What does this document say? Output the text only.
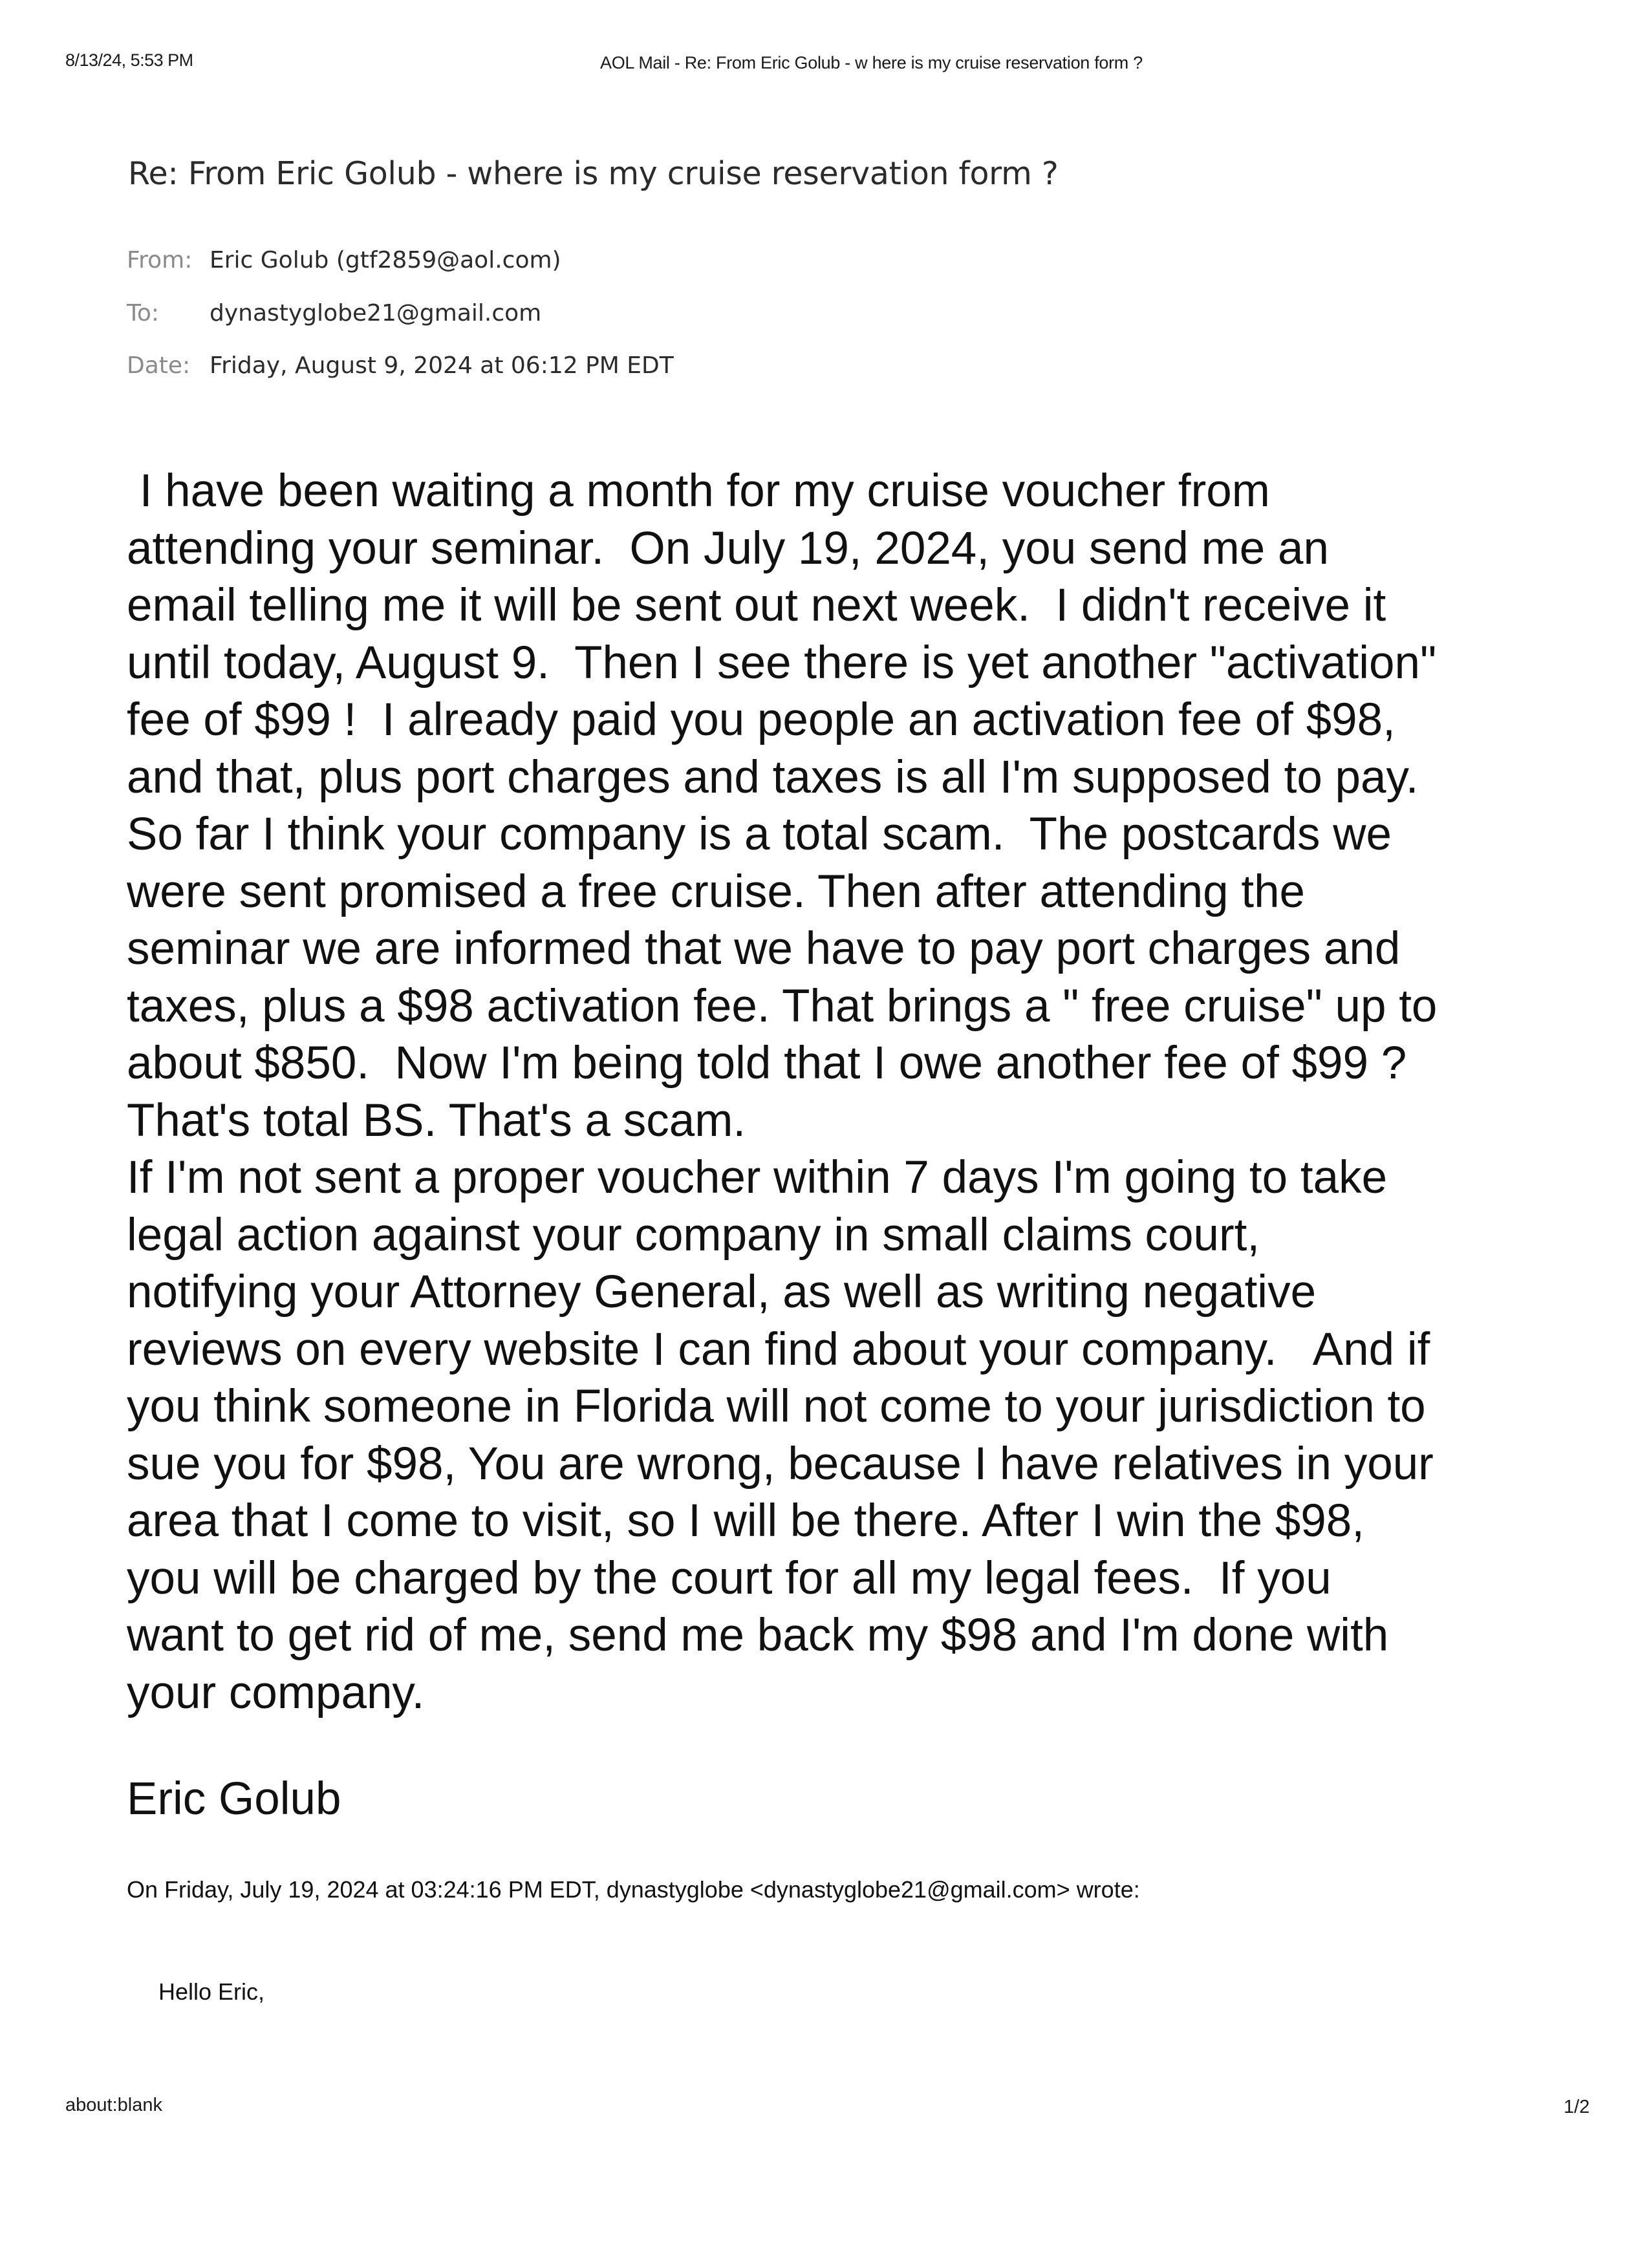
8/13/24, 5:53 PM	AOL Mail - Re: From Eric Golub - w here is my cruise reservation form ?
Re: From Eric Golub - where is my cruise reservation form ?
From: Eric Golub (gtf2859@aol.com)
To: dynastyglobe21@gmail.com
Date: Friday, August 9, 2024 at 06:12 PM EDT
I have been waiting a month for my cruise voucher from
attending your seminar.  On July 19, 2024, you send me an
email telling me it will be sent out next week.  I didn't receive it
until today, August 9.  Then I see there is yet another "activation"
fee of $99 !  I already paid you people an activation fee of $98,
and that, plus port charges and taxes is all I'm supposed to pay.
So far I think your company is a total scam.  The postcards we
were sent promised a free cruise. Then after attending the
seminar we are informed that we have to pay port charges and
taxes, plus a $98 activation fee. That brings a " free cruise" up to
about $850.  Now I'm being told that I owe another fee of $99 ?
That's total BS. That's a scam.
If I'm not sent a proper voucher within 7 days I'm going to take
legal action against your company in small claims court,
notifying your Attorney General, as well as writing negative
reviews on every website I can find about your company.   And if
you think someone in Florida will not come to your jurisdiction to
sue you for $98, You are wrong, because I have relatives in your
area that I come to visit, so I will be there. After I win the $98,
you will be charged by the court for all my legal fees.  If you
want to get rid of me, send me back my $98 and I'm done with
your company.
Eric Golub
On Friday, July 19, 2024 at 03:24:16 PM EDT, dynastyglobe <dynastyglobe21@gmail.com> wrote:
Hello Eric,
about:blank	1/2
